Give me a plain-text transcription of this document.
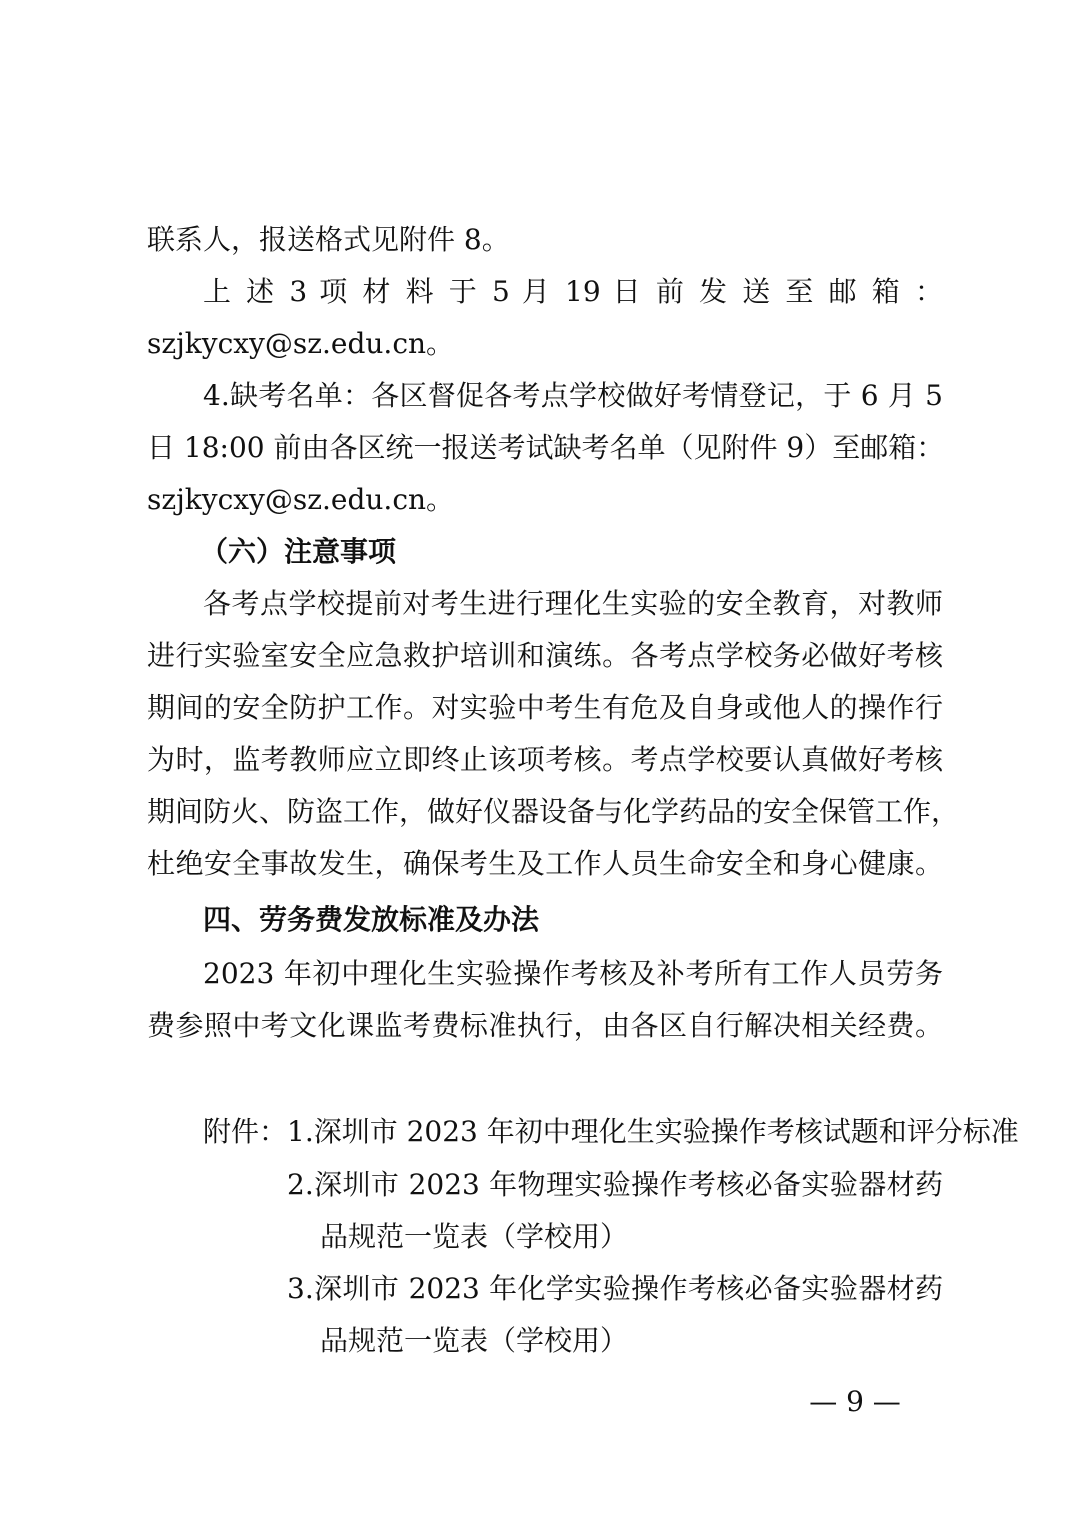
联系人，报送格式见附件 8。
上 述 3 项 材 料 于 5 月 19 日 前 发 送 至 邮 箱 ：
szjkycxy@sz.edu.cn。
4.缺考名单：各区督促各考点学校做好考情登记，于 6 月 5
日 18:00 前由各区统一报送考试缺考名单（见附件 9）至邮箱：
szjkycxy@sz.edu.cn。
（六）注意事项
各考点学校提前对考生进行理化生实验的安全教育，对教师
进行实验室安全应急救护培训和演练。各考点学校务必做好考核
期间的安全防护工作。对实验中考生有危及自身或他人的操作行
为时，监考教师应立即终止该项考核。考点学校要认真做好考核
期间防火、防盗工作，做好仪器设备与化学药品的安全保管工作，
杜绝安全事故发生，确保考生及工作人员生命安全和身心健康。
四、劳务费发放标准及办法
2023 年初中理化生实验操作考核及补考所有工作人员劳务
费参照中考文化课监考费标准执行，由各区自行解决相关经费。
附件： 1.深圳市 2023 年初中理化生实验操作考核试题和评分标准
2.深圳市 2023 年物理实验操作考核必备实验器材药
品规范一览表（学校用）
3.深圳市 2023 年化学实验操作考核必备实验器材药
品规范一览表（学校用）
— 9 —
